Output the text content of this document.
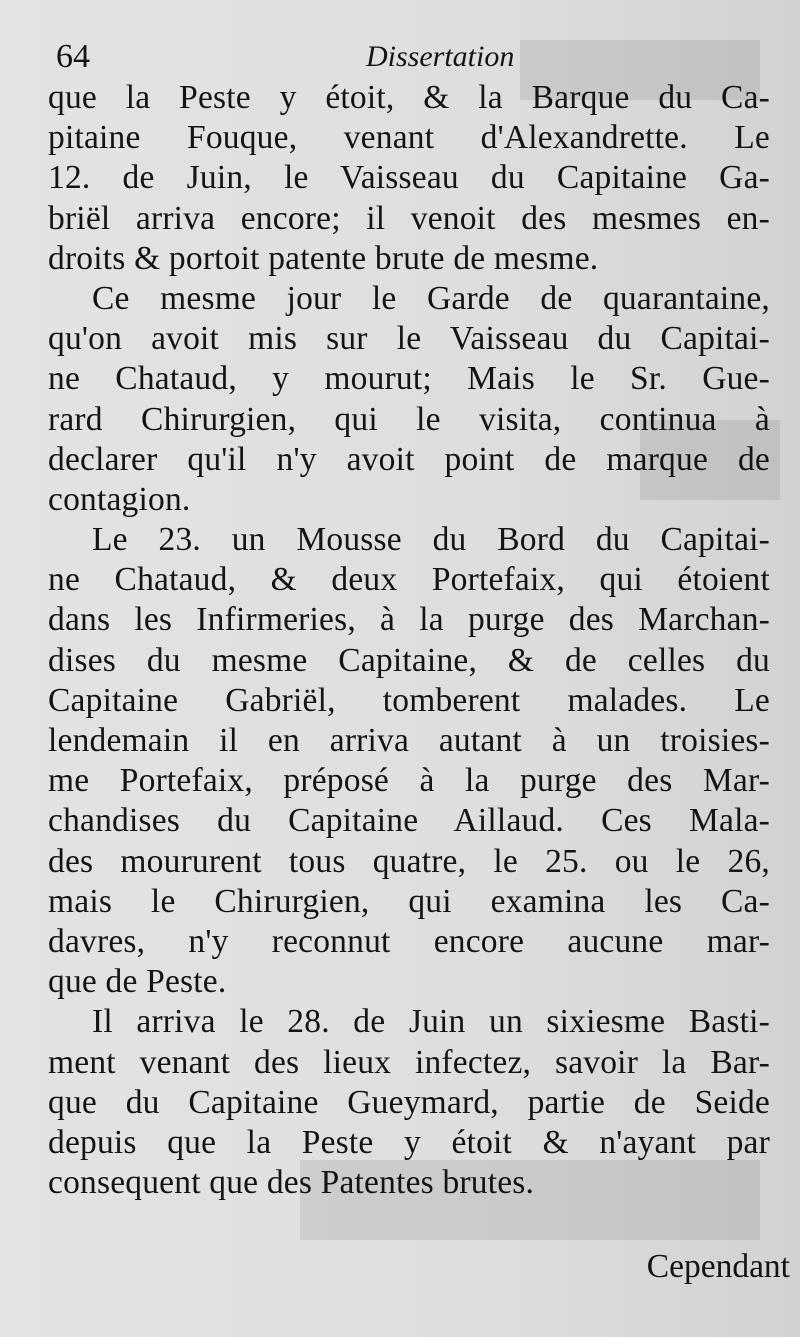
64	Dissertation
que la Peste y étoit, & la Barque du Ca-
pitaine Fouque, venant d'Alexandrette. Le
12. de Juin, le Vaisseau du Capitaine Ga-
briël arriva encore; il venoit des mesmes en-
droits & portoit patente brute de mesme.
Ce mesme jour le Garde de quarantaine,
qu'on avoit mis sur le Vaisseau du Capitai-
ne Chataud, y mourut; Mais le Sr. Gue-
rard Chirurgien, qui le visita, continua à
declarer qu'il n'y avoit point de marque de
contagion.
Le 23. un Mousse du Bord du Capitai-
ne Chataud, & deux Portefaix, qui étoient
dans les Infirmeries, à la purge des Marchan-
dises du mesme Capitaine, & de celles du
Capitaine Gabriël, tomberent malades. Le
lendemain il en arriva autant à un troisies-
me Portefaix, préposé à la purge des Mar-
chandises du Capitaine Aillaud. Ces Mala-
des moururent tous quatre, le 25. ou le 26,
mais le Chirurgien, qui examina les Ca-
davres, n'y reconnut encore aucune mar-
que de Peste.
Il arriva le 28. de Juin un sixiesme Basti-
ment venant des lieux infectez, savoir la Bar-
que du Capitaine Gueymard, partie de Seide
depuis que la Peste y étoit & n'ayant par
consequent que des Patentes brutes.
Cependant
